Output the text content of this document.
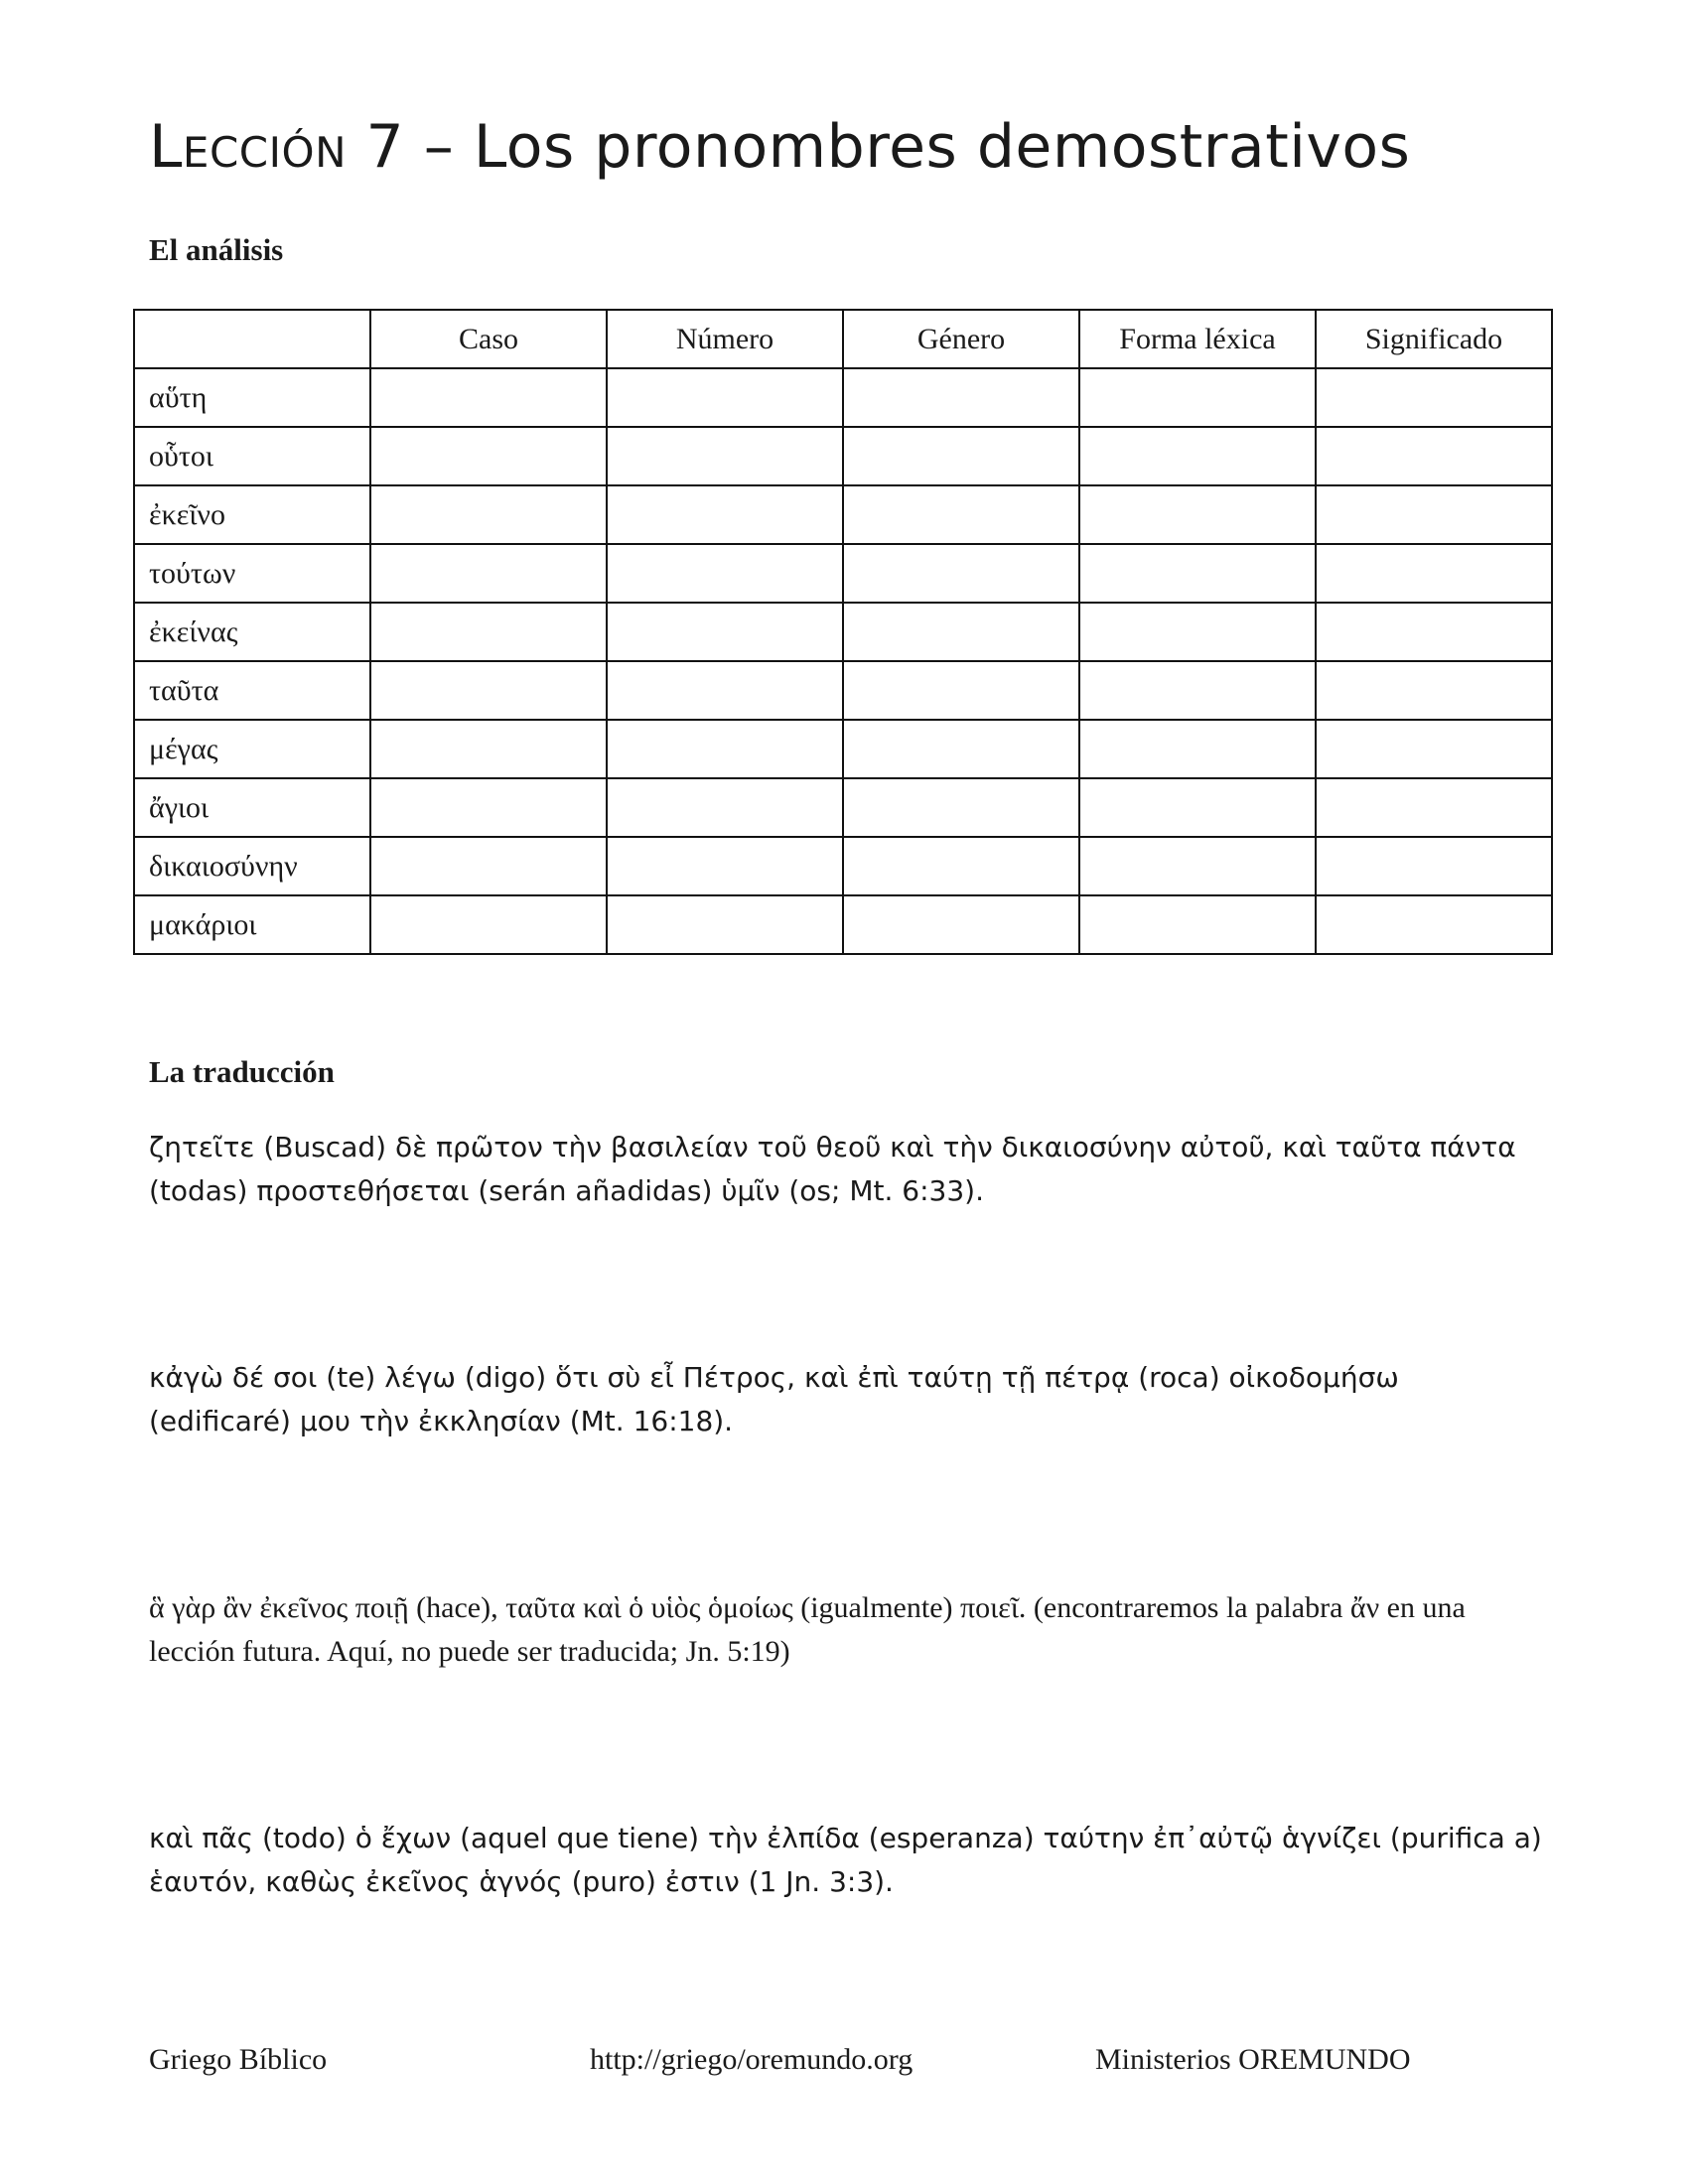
Lección 7 – Los pronombres demostrativos
El análisis
	Caso	Número	Género	Forma léxica	Significado
αὕτη					
οὗτοι					
ἐκεῖνο					
τούτων					
ἐκείνας					
ταῦτα					
μέγας					
ἄγιοι					
δικαιοσύνην					
μακάριοι					
La traducción

ζητεῖτε (Buscad) δὲ πρῶτον τὴν βασιλείαν τοῦ θεοῦ καὶ τὴν δικαιοσύνην αὐτοῦ, καὶ ταῦτα πάντα (todas) προστεθήσεται (serán añadidas) ὑμῖν (os; Mt. 6:33).

κἀγὼ δέ σοι (te) λέγω (digo) ὅτι σὺ εἶ Πέτρος, καὶ ἐπὶ ταύτῃ τῇ πέτρᾳ (roca) οἰκοδομήσω (edificaré) μου τὴν ἐκκλησίαν (Mt. 16:18).

ἃ γὰρ ἂν ἐκεῖνος ποιῇ (hace), ταῦτα καὶ ὁ υἱὸς ὁμοίως (igualmente) ποιεῖ. (encontraremos la palabra ἄν en una lección futura. Aquí, no puede ser traducida; Jn. 5:19)

καὶ πᾶς (todo) ὁ ἔχων (aquel que tiene) τὴν ἐλπίδα (esperanza) ταύτην ἐπ᾽αὐτῷ ἁγνίζει (purifica a) ἑαυτόν, καθὼς ἐκεῖνος ἁγνός (puro) ἐστιν (1 Jn. 3:3).

Griego Bíblico	http://griego/oremundo.org	Ministerios OREMUNDO
